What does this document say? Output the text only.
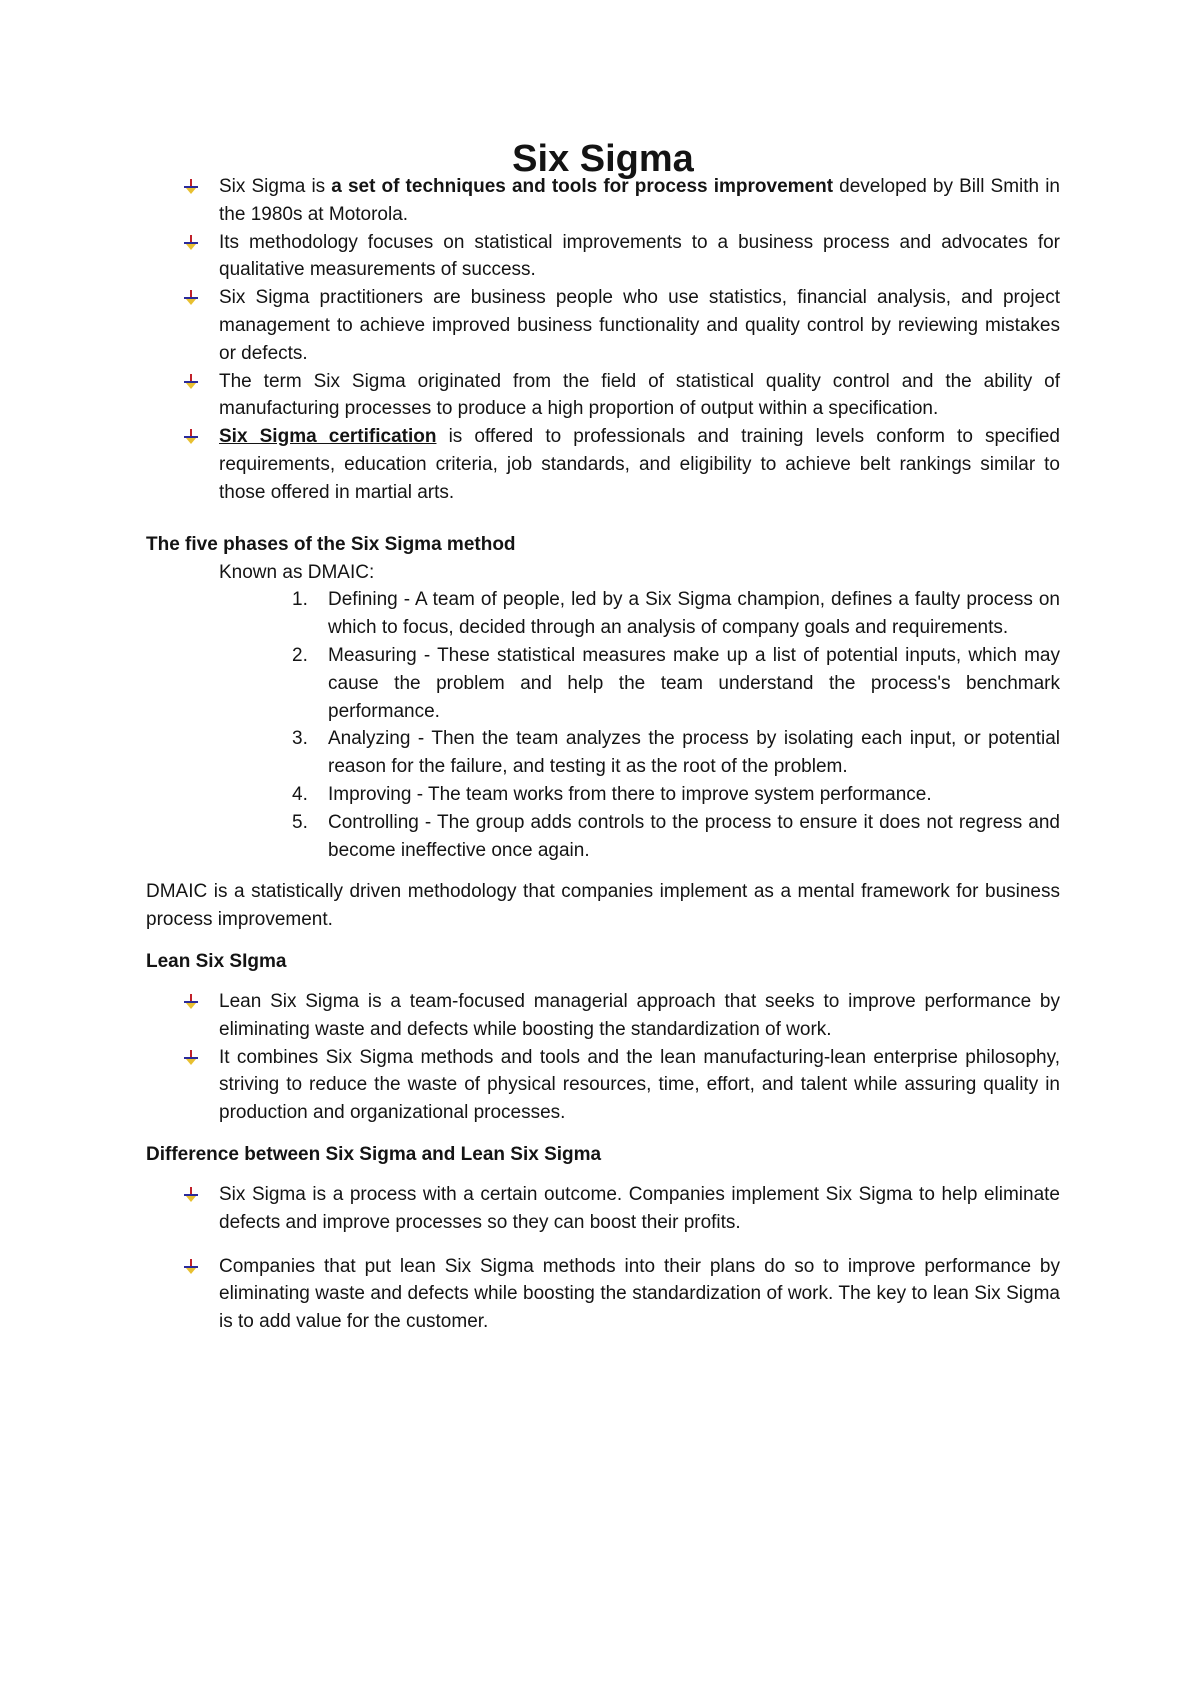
Six Sigma
Six Sigma is a set of techniques and tools for process improvement developed by Bill Smith in the 1980s at Motorola.
Its methodology focuses on statistical improvements to a business process and advocates for qualitative measurements of success.
Six Sigma practitioners are business people who use statistics, financial analysis, and project management to achieve improved business functionality and quality control by reviewing mistakes or defects.
The term Six Sigma originated from the field of statistical quality control and the ability of manufacturing processes to produce a high proportion of output within a specification.
Six Sigma certification is offered to professionals and training levels conform to specified requirements, education criteria, job standards, and eligibility to achieve belt rankings similar to those offered in martial arts.
The five phases of the Six Sigma method
Known as DMAIC:
1. Defining - A team of people, led by a Six Sigma champion, defines a faulty process on which to focus, decided through an analysis of company goals and requirements.
2. Measuring - These statistical measures make up a list of potential inputs, which may cause the problem and help the team understand the process's benchmark performance.
3. Analyzing - Then the team analyzes the process by isolating each input, or potential reason for the failure, and testing it as the root of the problem.
4. Improving - The team works from there to improve system performance.
5. Controlling - The group adds controls to the process to ensure it does not regress and become ineffective once again.

DMAIC is a statistically driven methodology that companies implement as a mental framework for business process improvement.

Lean Six SIgma
Lean Six Sigma is a team-focused managerial approach that seeks to improve performance by eliminating waste and defects while boosting the standardization of work.
It combines Six Sigma methods and tools and the lean manufacturing-lean enterprise philosophy, striving to reduce the waste of physical resources, time, effort, and talent while assuring quality in production and organizational processes.
Difference between Six Sigma and Lean Six Sigma
Six Sigma is a process with a certain outcome. Companies implement Six Sigma to help eliminate defects and improve processes so they can boost their profits.
Companies that put lean Six Sigma methods into their plans do so to improve performance by eliminating waste and defects while boosting the standardization of work. The key to lean Six Sigma is to add value for the customer.
